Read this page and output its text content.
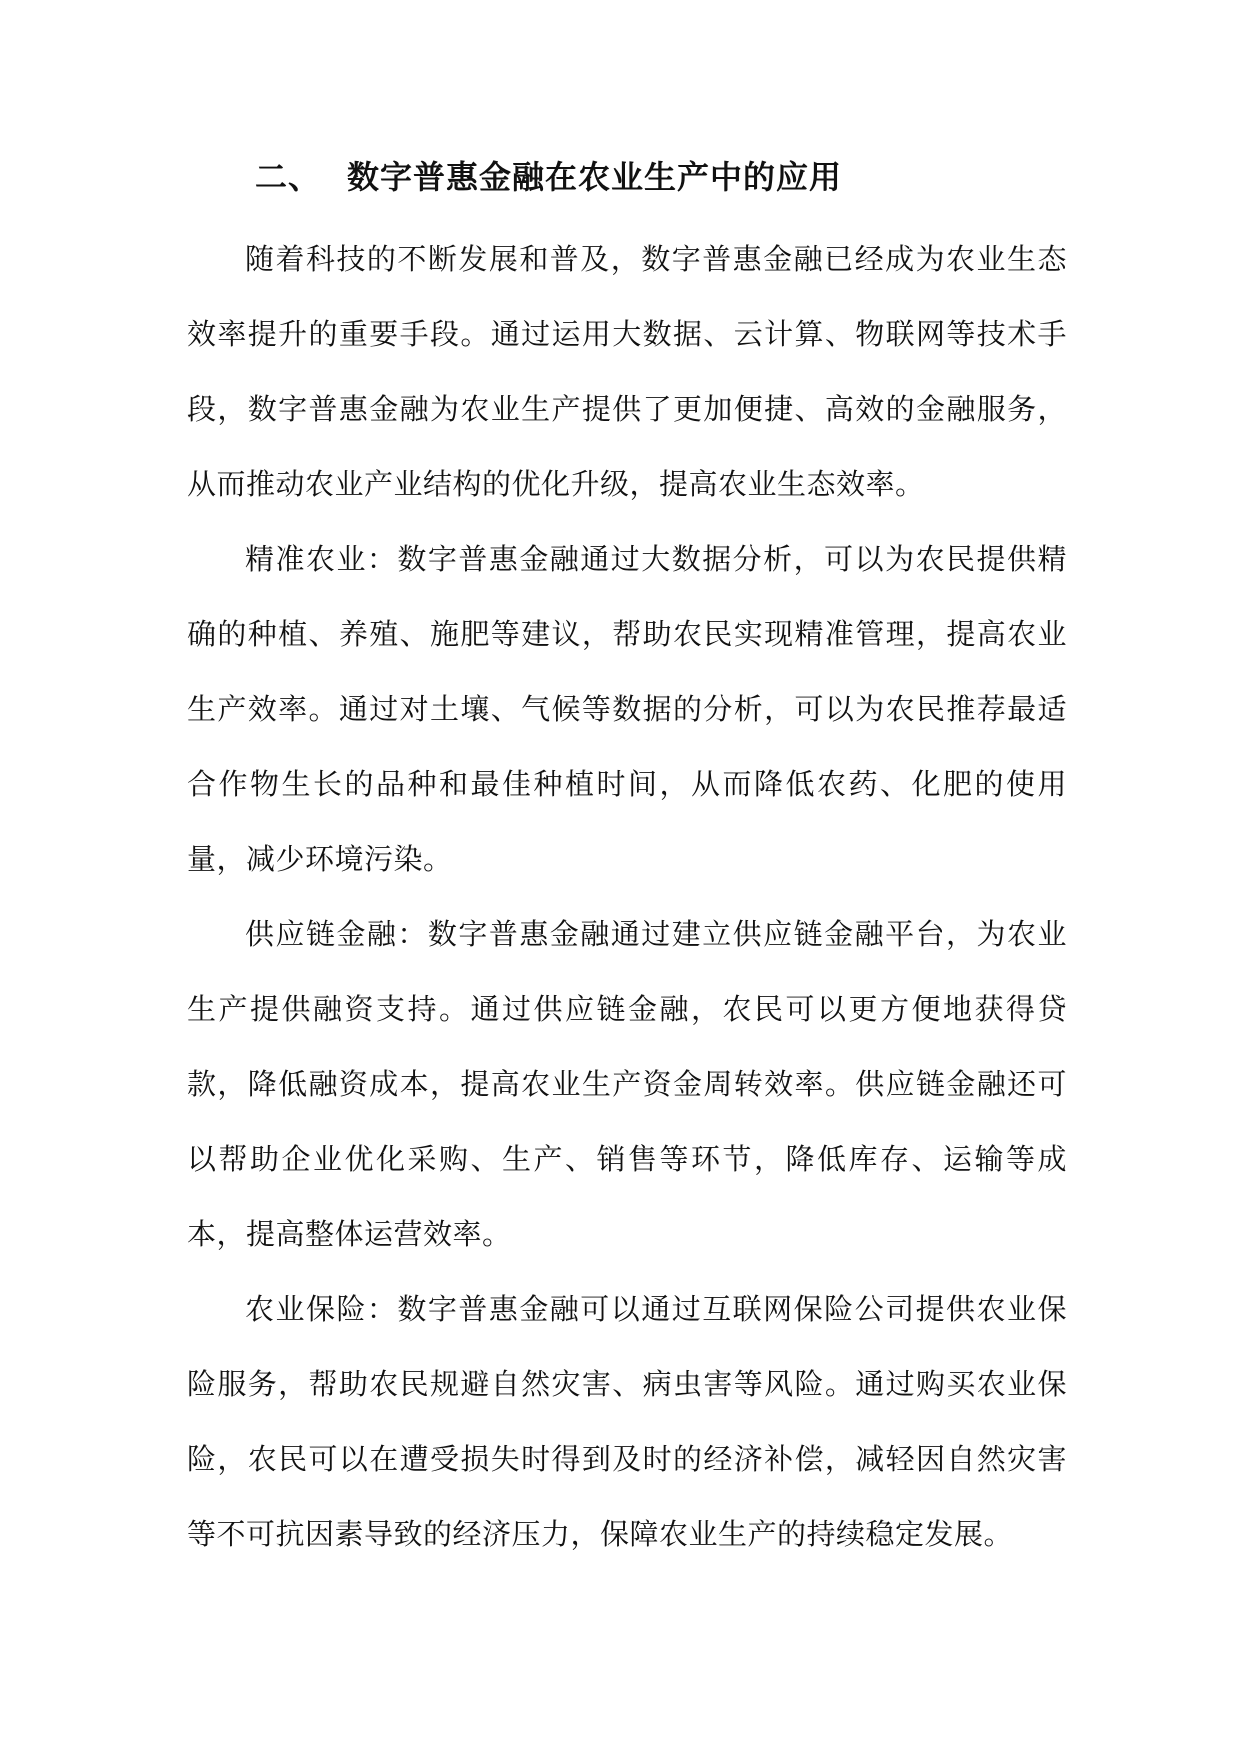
二、 数字普惠金融在农业生产中的应用

随着科技的不断发展和普及，数字普惠金融已经成为农业生态效率提升的重要手段。通过运用大数据、云计算、物联网等技术手段，数字普惠金融为农业生产提供了更加便捷、高效的金融服务，从而推动农业产业结构的优化升级，提高农业生态效率。

精准农业：数字普惠金融通过大数据分析，可以为农民提供精确的种植、养殖、施肥等建议，帮助农民实现精准管理，提高农业生产效率。通过对土壤、气候等数据的分析，可以为农民推荐最适合作物生长的品种和最佳种植时间，从而降低农药、化肥的使用量，减少环境污染。

供应链金融：数字普惠金融通过建立供应链金融平台，为农业生产提供融资支持。通过供应链金融，农民可以更方便地获得贷款，降低融资成本，提高农业生产资金周转效率。供应链金融还可以帮助企业优化采购、生产、销售等环节，降低库存、运输等成本，提高整体运营效率。

农业保险：数字普惠金融可以通过互联网保险公司提供农业保险服务，帮助农民规避自然灾害、病虫害等风险。通过购买农业保险，农民可以在遭受损失时得到及时的经济补偿，减轻因自然灾害等不可抗因素导致的经济压力，保障农业生产的持续稳定发展。
